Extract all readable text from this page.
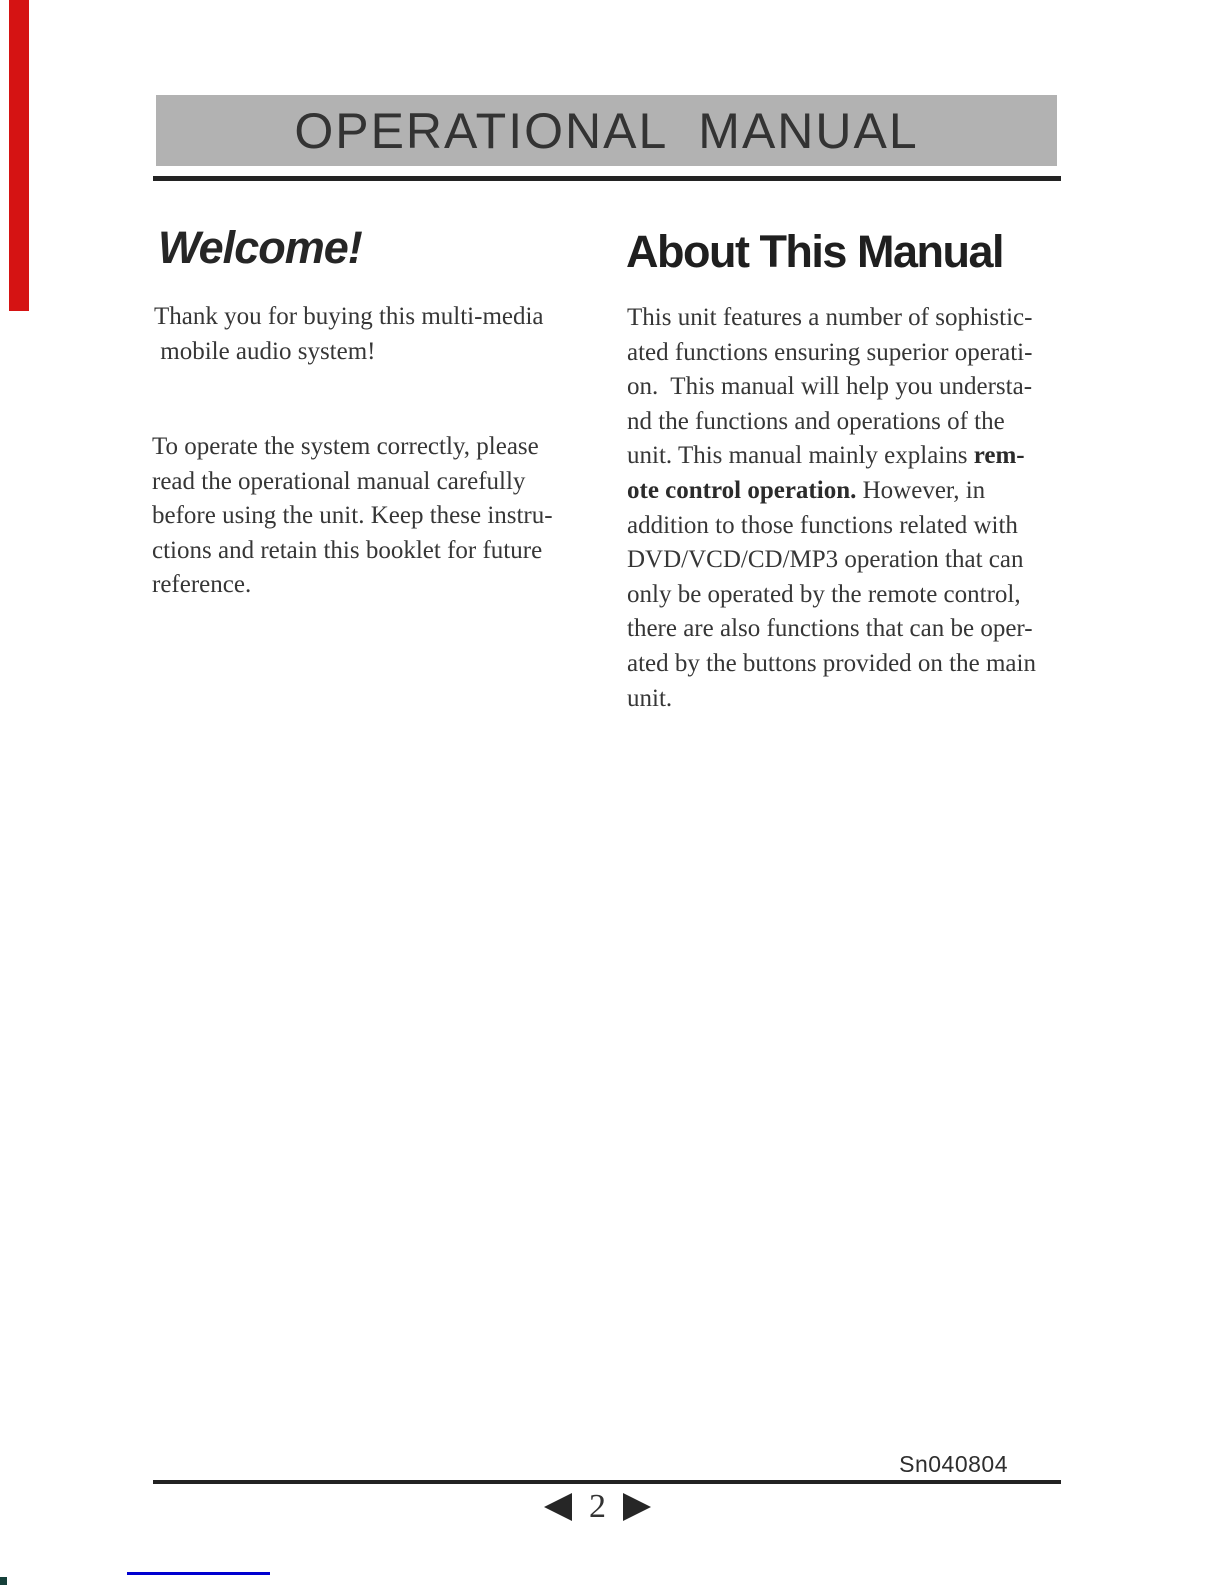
OPERATIONAL MANUAL
Welcome!
Thank you for buying this multi-media
mobile audio system!
To operate the system correctly, please
read the operational manual carefully
before using the unit. Keep these instru-
ctions and retain this booklet for future
reference.
About This Manual
This unit features a number of sophistic-
ated functions ensuring superior operati-
on.  This manual will help you understa-
nd the functions and operations of the
unit. This manual mainly explains rem-
ote control operation. However, in
addition to those functions related with
DVD/VCD/CD/MP3 operation that can
only be operated by the remote control,
there are also functions that can be oper-
ated by the buttons provided on the main
unit.
Sn040804
2
